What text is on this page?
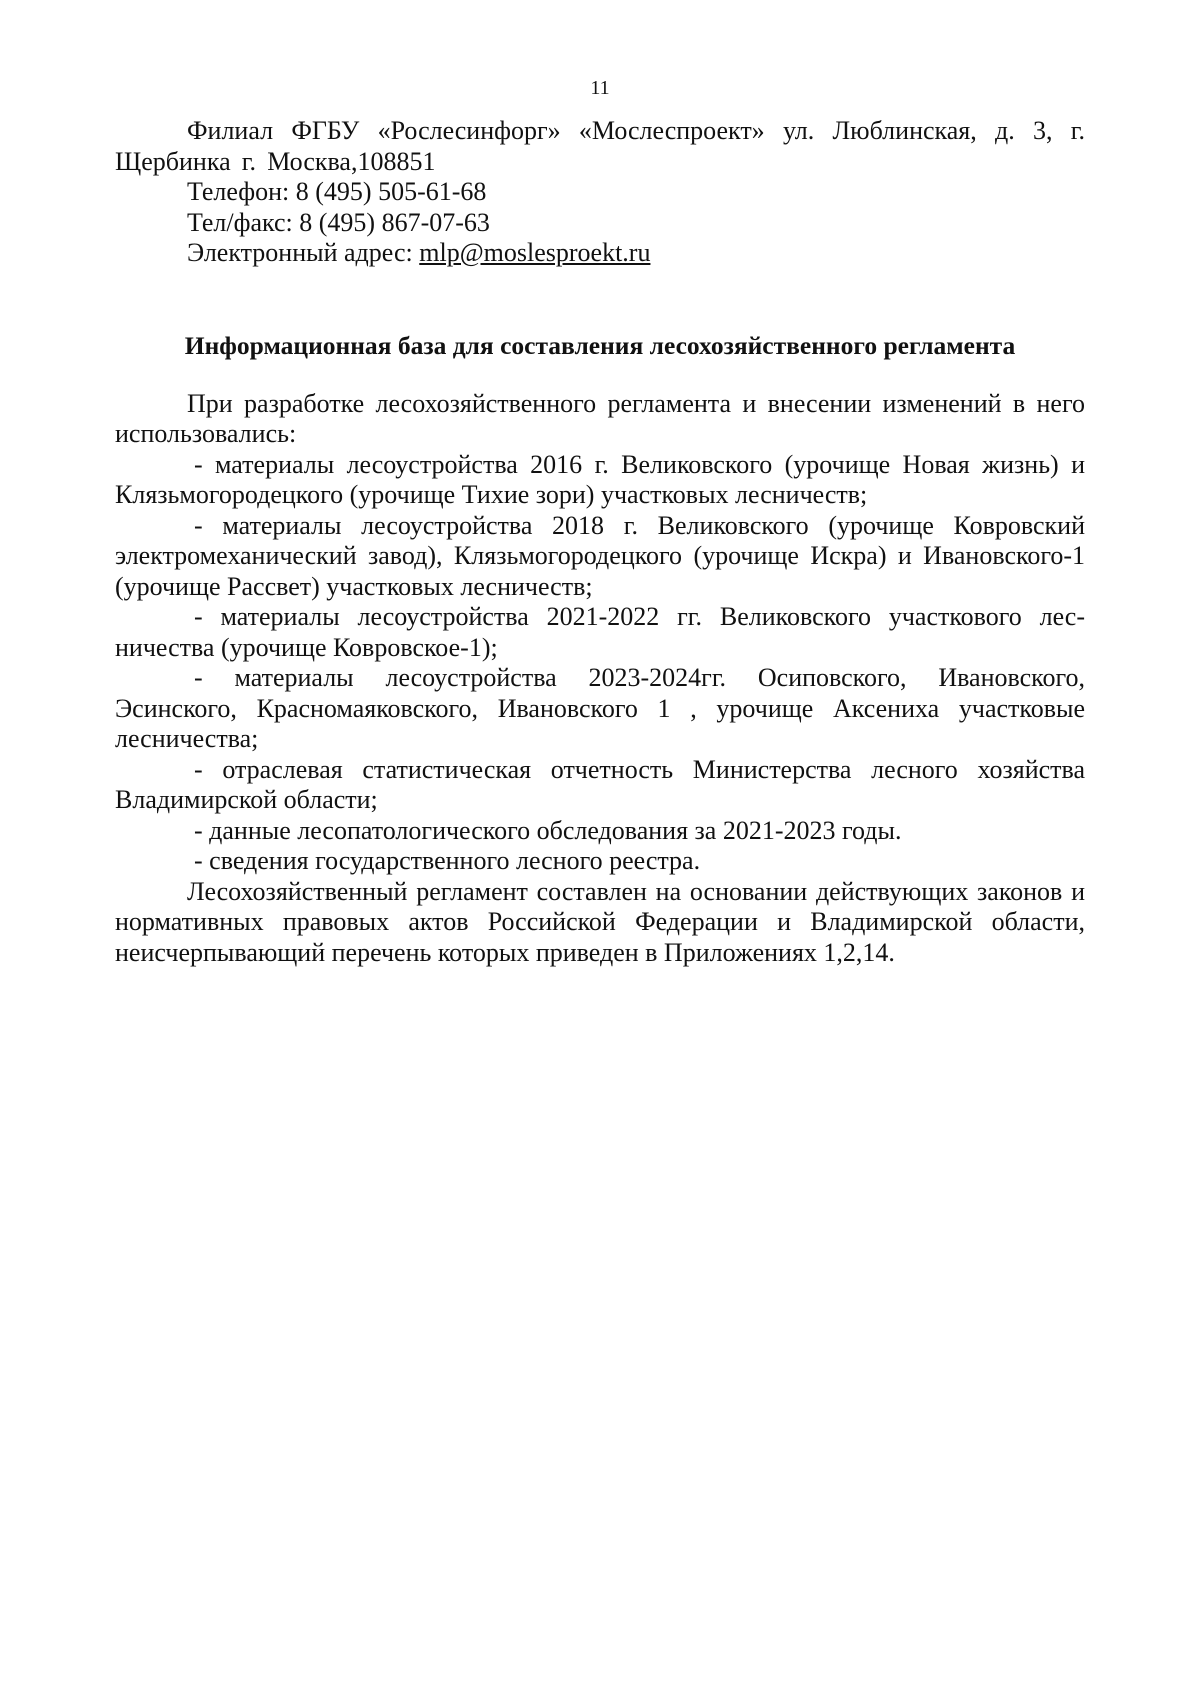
11

Филиал ФГБУ «Рослесинфорг» «Мослеспроект» ул. Люблинская, д. 3, г. Щербинка г. Москва,108851

Телефон: 8 (495) 505-61-68

Тел/факс: 8 (495) 867-07-63

Электронный адрес: mlp@moslesproekt.ru

Информационная база для составления лесохозяйственного регламента

При разработке лесохозяйственного регламента и внесении изменений в него использовались:

- материалы лесоустройства 2016 г. Великовского (урочище Новая жизнь) и Клязьмогородецкого (урочище Тихие зори) участковых лесничеств;

- материалы лесоустройства 2018 г. Великовского (урочище Ковровский электромеханический завод), Клязьмогородецкого (урочище Искра) и Ивановского-1 (урочище Рассвет) участковых лесничеств;

- материалы лесоустройства 2021-2022 гг. Великовского участкового лесничества (урочище Ковровское-1);

- материалы лесоустройства 2023-2024гг. Осиповского, Ивановского, Эсинского, Красномаяковского, Ивановского 1 , урочище Аксениха участковые лесничества;

- отраслевая статистическая отчетность Министерства лесного хозяйства Владимирской области;

- данные лесопатологического обследования за 2021-2023 годы.

- сведения государственного лесного реестра.

Лесохозяйственный регламент составлен на основании действующих законов и нормативных правовых актов Российской Федерации и Владимирской области, неисчерпывающий перечень которых приведен в Приложениях 1,2,14.
